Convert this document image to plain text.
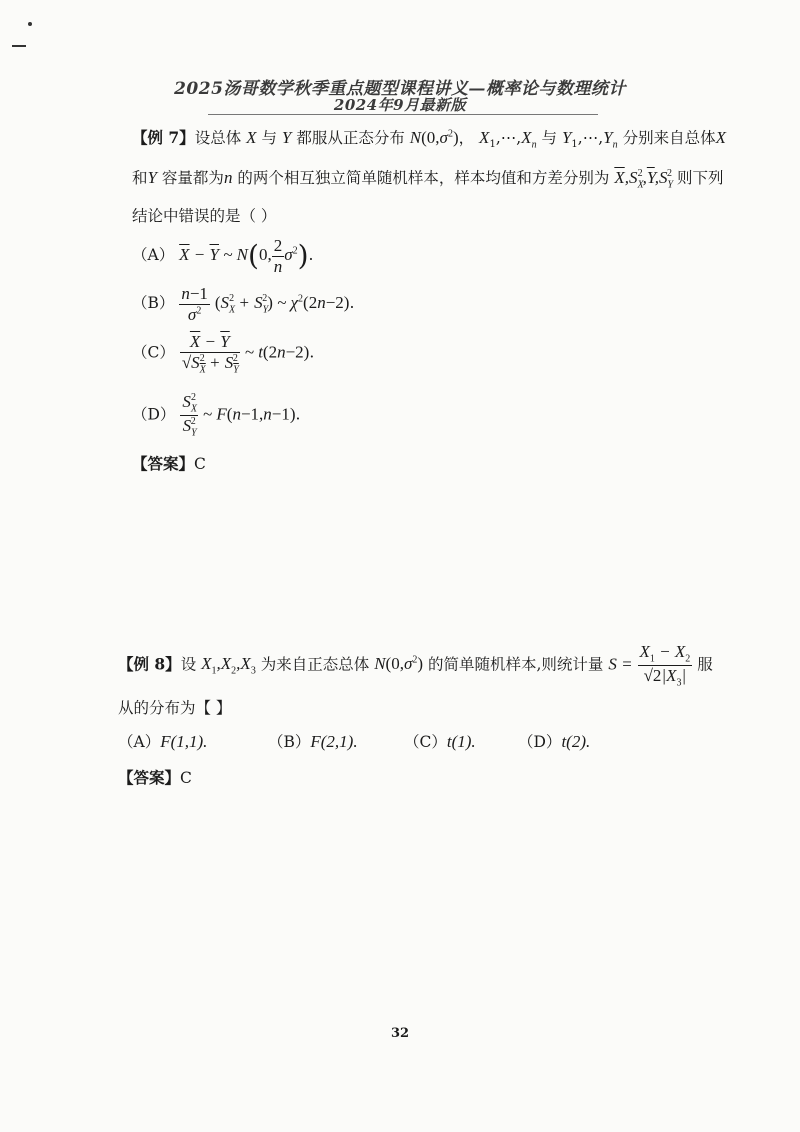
2025汤哥数学秋季重点题型课程讲义—概率论与数理统计
2024年9月最新版
【例 7】设总体 X 与 Y 都服从正态分布 $N(0,\sigma^2)$， $X_1,\cdots,X_n$ 与 $Y_1,\cdots,Y_n$ 分别来自总体X
和Y 容量都为n 的两个相互独立简单随机样本，样本均值和方差分别为 $\overline{X},S_X^2,\overline{Y},S_Y^2$ 则下列
结论中错误的是（ ）
（A） $\overline{X} - \overline{Y}$ ~ N(0, $\frac{2}{n} \sigma^2$).
$(B) \frac{n-1}{\sigma^2} (S_X^2 + S_Y^2)$ ~ $\chi^2(2n-2)$.
$(C) \frac{\overline{X} - \overline{Y}}{√S_X^2 + S_Y^2}$ ~ t(2n−2).
$(D) \frac{S_X^2}{S_Y^2}$ ~ F(n−1,n−1).
【答案】C
【例 8】设 $X_1,X_2,X_3$ 为来自正态总体 $N(0,\sigma^2)$ 的简单随机样本,则统计量 $S = \frac{X_1 - X_2}{√2|X_3|}$ 服
从的分布为【 】
（A）F(1,1).	（B）F(2,1).	（C）t(1).	（D）t(2).
【答案】C
32
